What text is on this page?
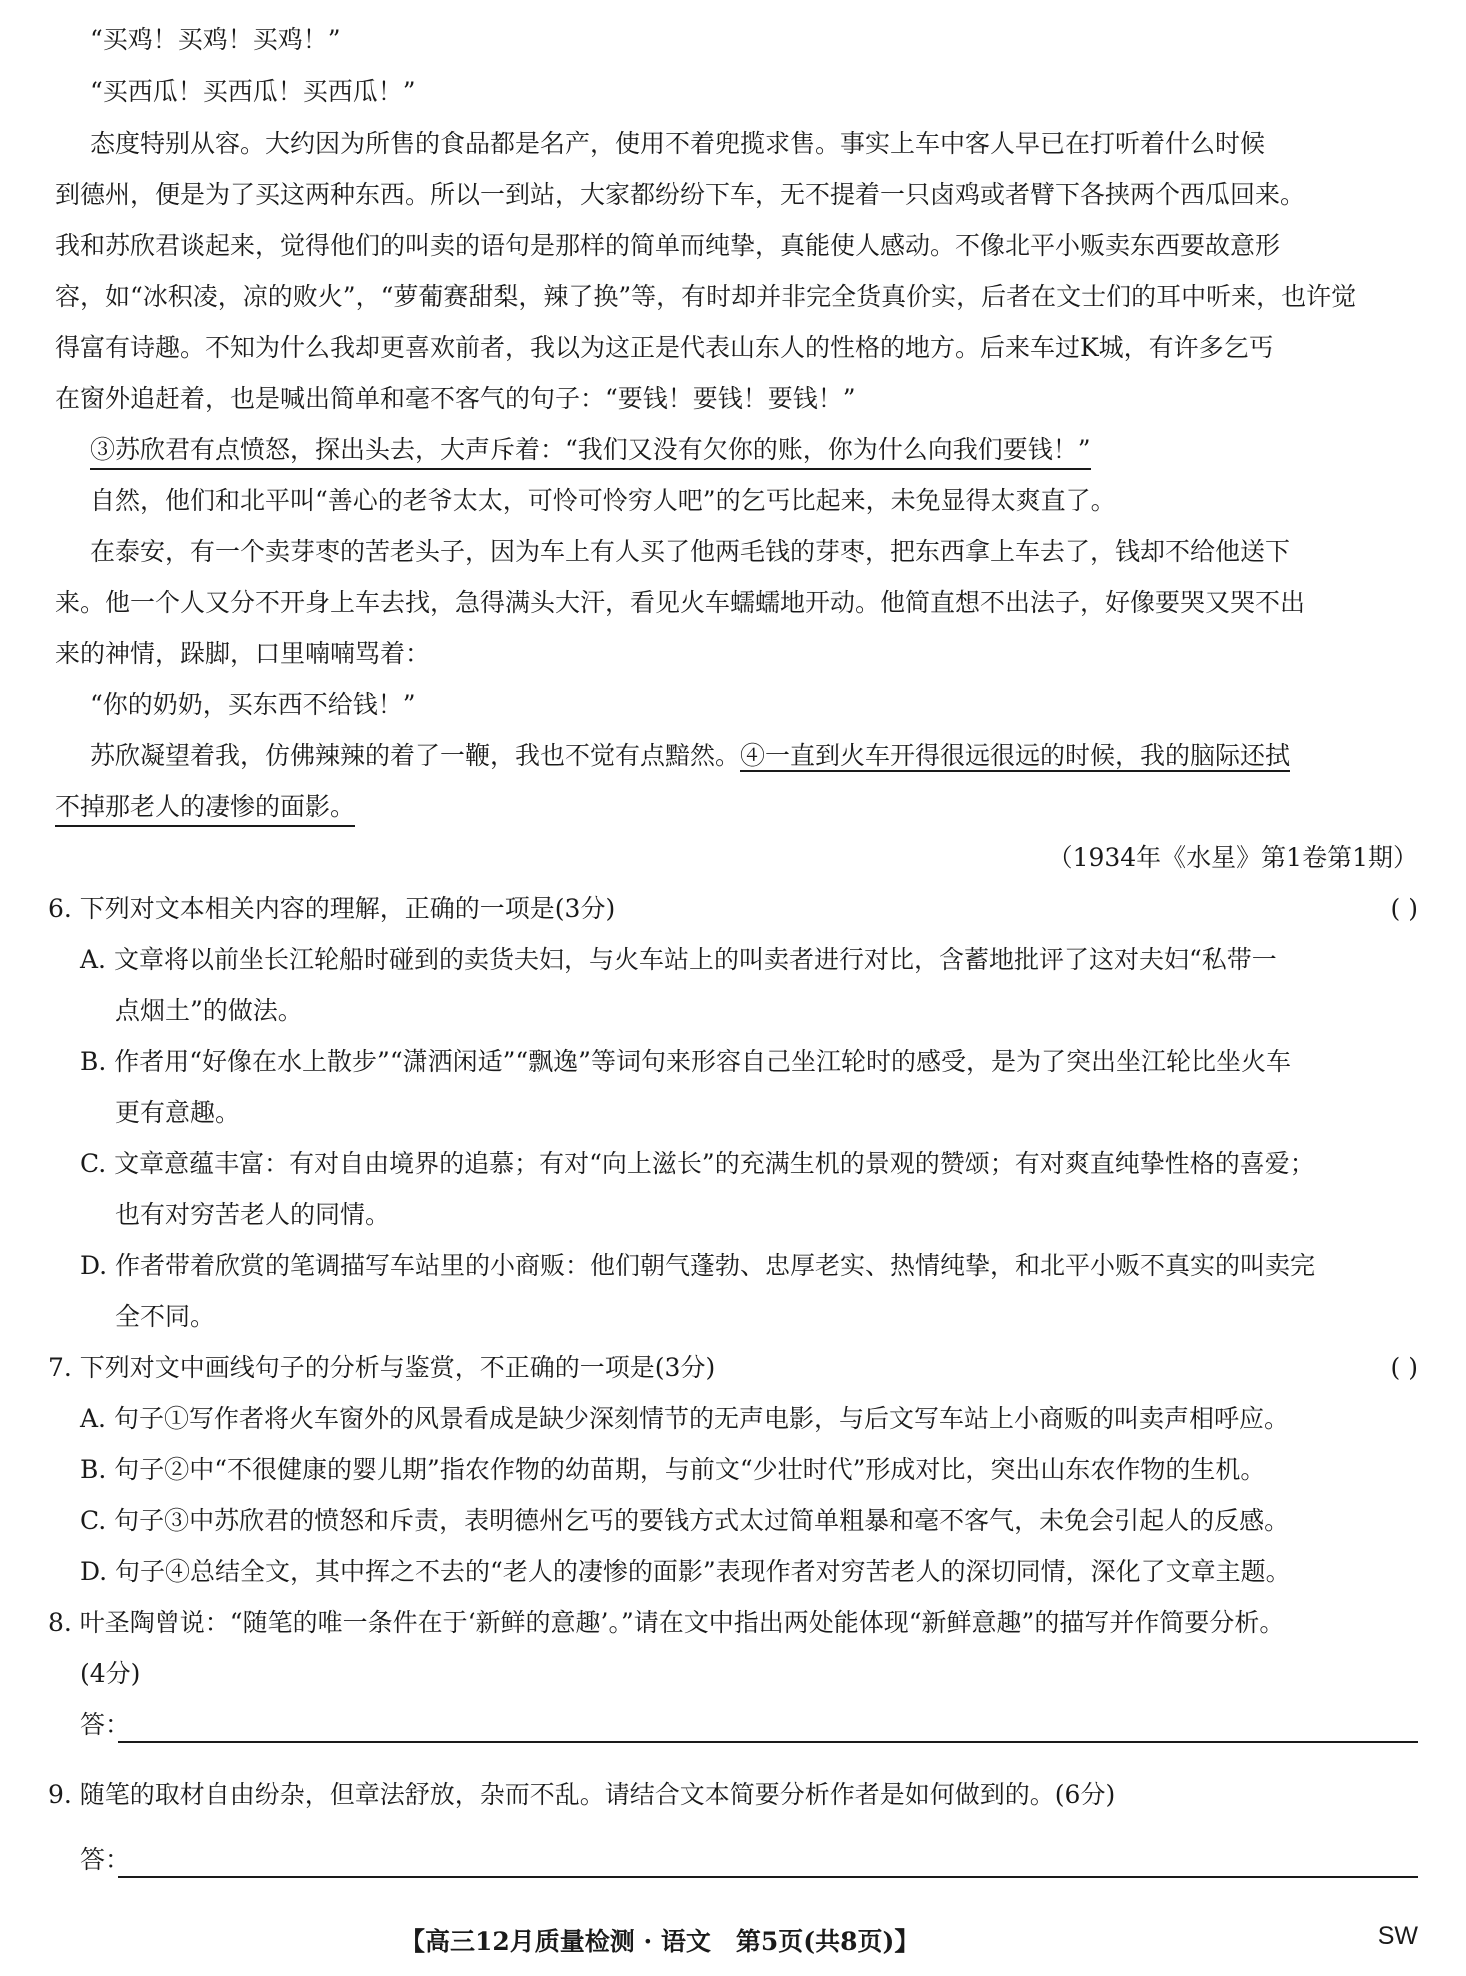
“买鸡！买鸡！买鸡！”
“买西瓜！买西瓜！买西瓜！”
态度特别从容。大约因为所售的食品都是名产，使用不着兜揽求售。事实上车中客人早已在打听着什么时候
到德州，便是为了买这两种东西。所以一到站，大家都纷纷下车，无不提着一只卤鸡或者臂下各挟两个西瓜回来。
我和苏欣君谈起来，觉得他们的叫卖的语句是那样的简单而纯挚，真能使人感动。不像北平小贩卖东西要故意形
容，如“冰积凌，凉的败火”，“萝葡赛甜梨，辣了换”等，有时却并非完全货真价实，后者在文士们的耳中听来，也许觉
得富有诗趣。不知为什么我却更喜欢前者，我以为这正是代表山东人的性格的地方。后来车过K城，有许多乞丐
在窗外追赶着，也是喊出简单和毫不客气的句子：“要钱！要钱！要钱！”
③苏欣君有点愤怒，探出头去，大声斥着：“我们又没有欠你的账，你为什么向我们要钱！”
自然，他们和北平叫“善心的老爷太太，可怜可怜穷人吧”的乞丐比起来，未免显得太爽直了。
在泰安，有一个卖芽枣的苦老头子，因为车上有人买了他两毛钱的芽枣，把东西拿上车去了，钱却不给他送下
来。他一个人又分不开身上车去找，急得满头大汗，看见火车蠕蠕地开动。他简直想不出法子，好像要哭又哭不出
来的神情，跺脚，口里喃喃骂着：
“你的奶奶，买东西不给钱！”
苏欣凝望着我，仿佛辣辣的着了一鞭，我也不觉有点黯然。④一直到火车开得很远很远的时候，我的脑际还拭
不掉那老人的凄惨的面影。
（1934年《水星》第1卷第1期）
6. 下列对文本相关内容的理解，正确的一项是(3分)	( )
A. 文章将以前坐长江轮船时碰到的卖货夫妇，与火车站上的叫卖者进行对比，含蓄地批评了这对夫妇“私带一
点烟土”的做法。
B. 作者用“好像在水上散步”“潇洒闲适”“飘逸”等词句来形容自己坐江轮时的感受，是为了突出坐江轮比坐火车
更有意趣。
C. 文章意蕴丰富：有对自由境界的追慕；有对“向上滋长”的充满生机的景观的赞颂；有对爽直纯挚性格的喜爱；
也有对穷苦老人的同情。
D. 作者带着欣赏的笔调描写车站里的小商贩：他们朝气蓬勃、忠厚老实、热情纯挚，和北平小贩不真实的叫卖完
全不同。
7. 下列对文中画线句子的分析与鉴赏，不正确的一项是(3分)	( )
A. 句子①写作者将火车窗外的风景看成是缺少深刻情节的无声电影，与后文写车站上小商贩的叫卖声相呼应。
B. 句子②中“不很健康的婴儿期”指农作物的幼苗期，与前文“少壮时代”形成对比，突出山东农作物的生机。
C. 句子③中苏欣君的愤怒和斥责，表明德州乞丐的要钱方式太过简单粗暴和毫不客气，未免会引起人的反感。
D. 句子④总结全文，其中挥之不去的“老人的凄惨的面影”表现作者对穷苦老人的深切同情，深化了文章主题。
8. 叶圣陶曾说：“随笔的唯一条件在于‘新鲜的意趣’。”请在文中指出两处能体现“新鲜意趣”的描写并作简要分析。
(4分)
答：
9. 随笔的取材自由纷杂，但章法舒放，杂而不乱。请结合文本简要分析作者是如何做到的。(6分)
答：
【高三12月质量检测 · 语文　第5页(共8页)】	SW
